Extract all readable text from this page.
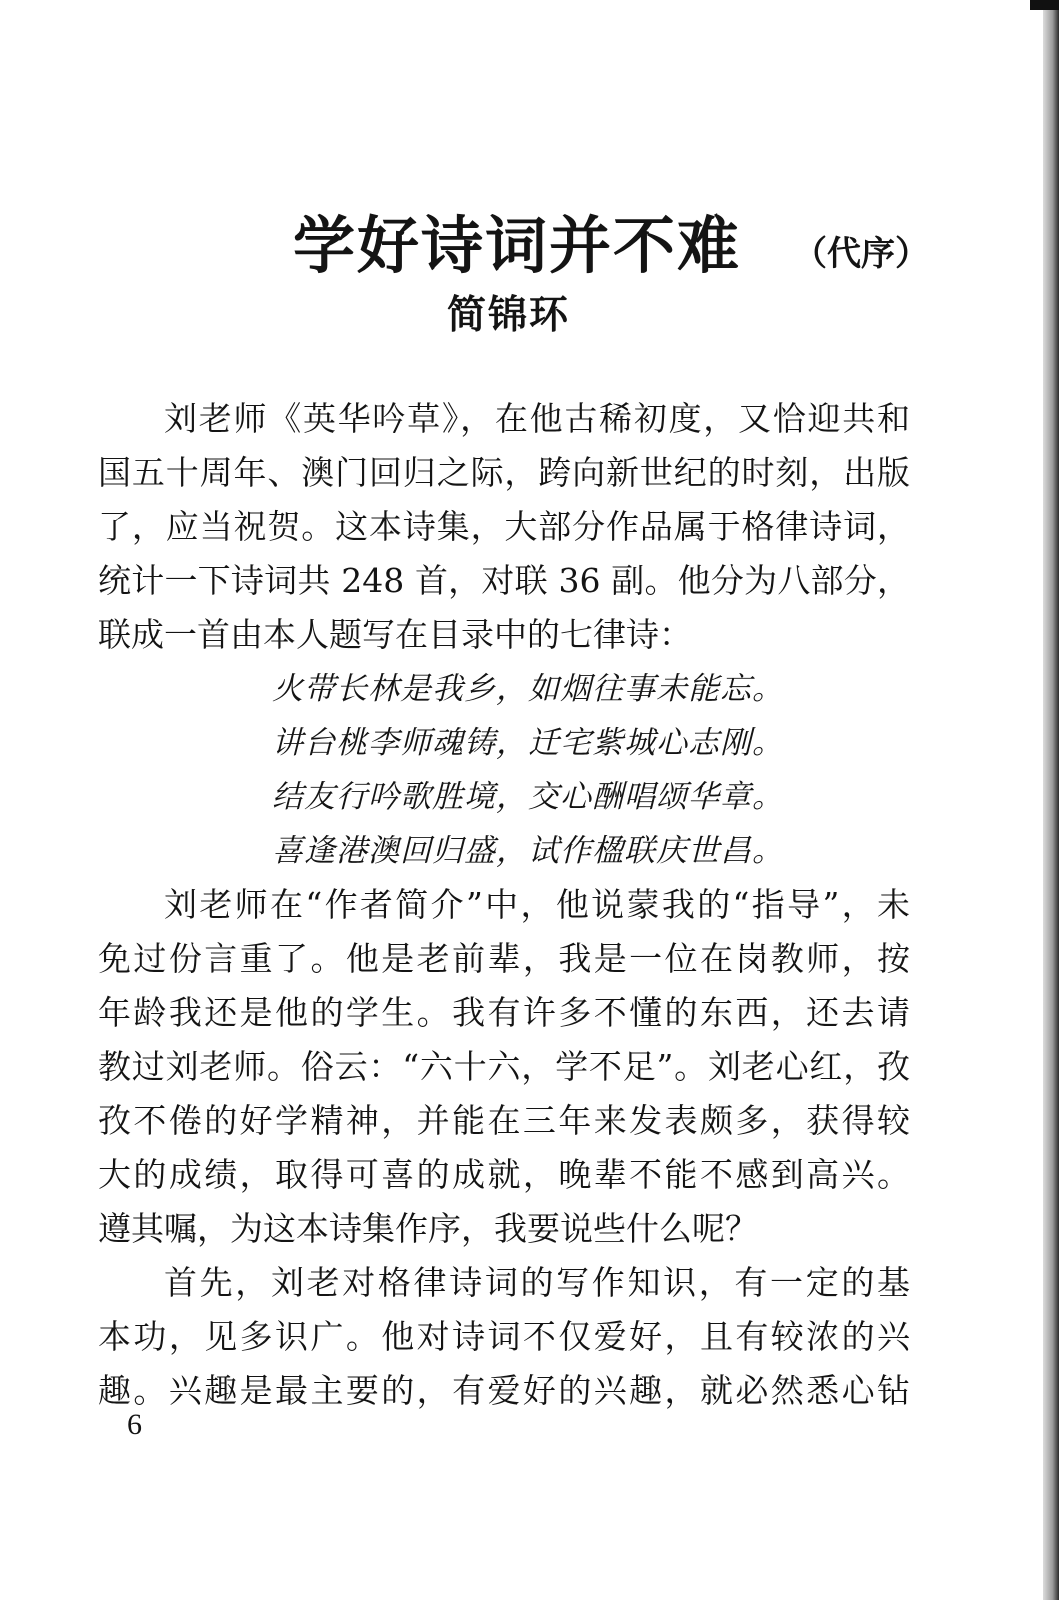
学好诗词并不难 （代序）
简锦环
刘老师《英华吟草》，在他古稀初度，又恰迎共和
国五十周年、澳门回归之际，跨向新世纪的时刻，出版
了，应当祝贺。这本诗集，大部分作品属于格律诗词，
统计一下诗词共 248 首，对联 36 副。他分为八部分，
联成一首由本人题写在目录中的七律诗：
火带长林是我乡，如烟往事未能忘。
讲台桃李师魂铸，迁宅紫城心志刚。
结友行吟歌胜境，交心酬唱颂华章。
喜逢港澳回归盛，试作楹联庆世昌。
刘老师在“作者简介”中，他说蒙我的“指导”，未
免过份言重了。他是老前辈，我是一位在岗教师，按
年龄我还是他的学生。我有许多不懂的东西，还去请
教过刘老师。俗云：“六十六，学不足”。刘老心红，孜
孜不倦的好学精神，并能在三年来发表颇多，获得较
大的成绩，取得可喜的成就，晚辈不能不感到高兴。
遵其嘱，为这本诗集作序，我要说些什么呢？
首先，刘老对格律诗词的写作知识，有一定的基
本功，见多识广。他对诗词不仅爱好，且有较浓的兴
趣。兴趣是最主要的，有爱好的兴趣，就必然悉心钻
6
